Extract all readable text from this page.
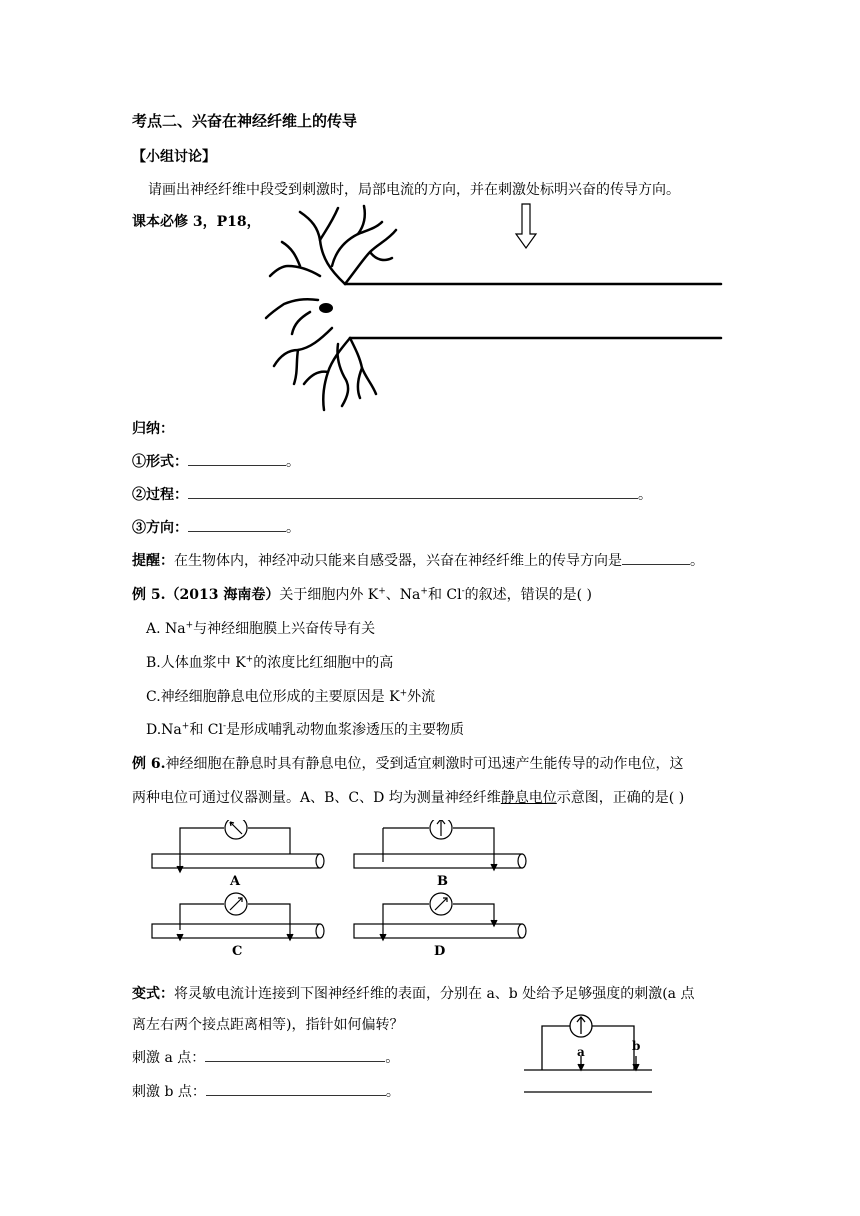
考点二、兴奋在神经纤维上的传导
【小组讨论】
请画出神经纤维中段受到刺激时，局部电流的方向，并在刺激处标明兴奋的传导方向。
课本必修 3，P18，
归纳：
①形式：	。
②过程：	。
③方向：	。
提醒：在生物体内，神经冲动只能来自感受器，兴奋在神经纤维上的传导方向是	。
例 5.（2013 海南卷）关于细胞内外 K+、Na+和 Cl-的叙述，错误的是( )
A. Na+与神经细胞膜上兴奋传导有关
B.人体血浆中 K+的浓度比红细胞中的高
C.神经细胞静息电位形成的主要原因是 K+外流
D.Na+和 Cl-是形成哺乳动物血浆渗透压的主要物质
例 6.神经细胞在静息时具有静息电位，受到适宜刺激时可迅速产生能传导的动作电位，这
两种电位可通过仪器测量。A、B、C、D 均为测量神经纤维静息电位示意图，正确的是( )
A	B
C	D
变式：将灵敏电流计连接到下图神经纤维的表面，分别在 a、b 处给予足够强度的刺激(a 点
离左右两个接点距离相等)，指针如何偏转？
刺激 a 点：	。
刺激 b 点：	。
a	b
